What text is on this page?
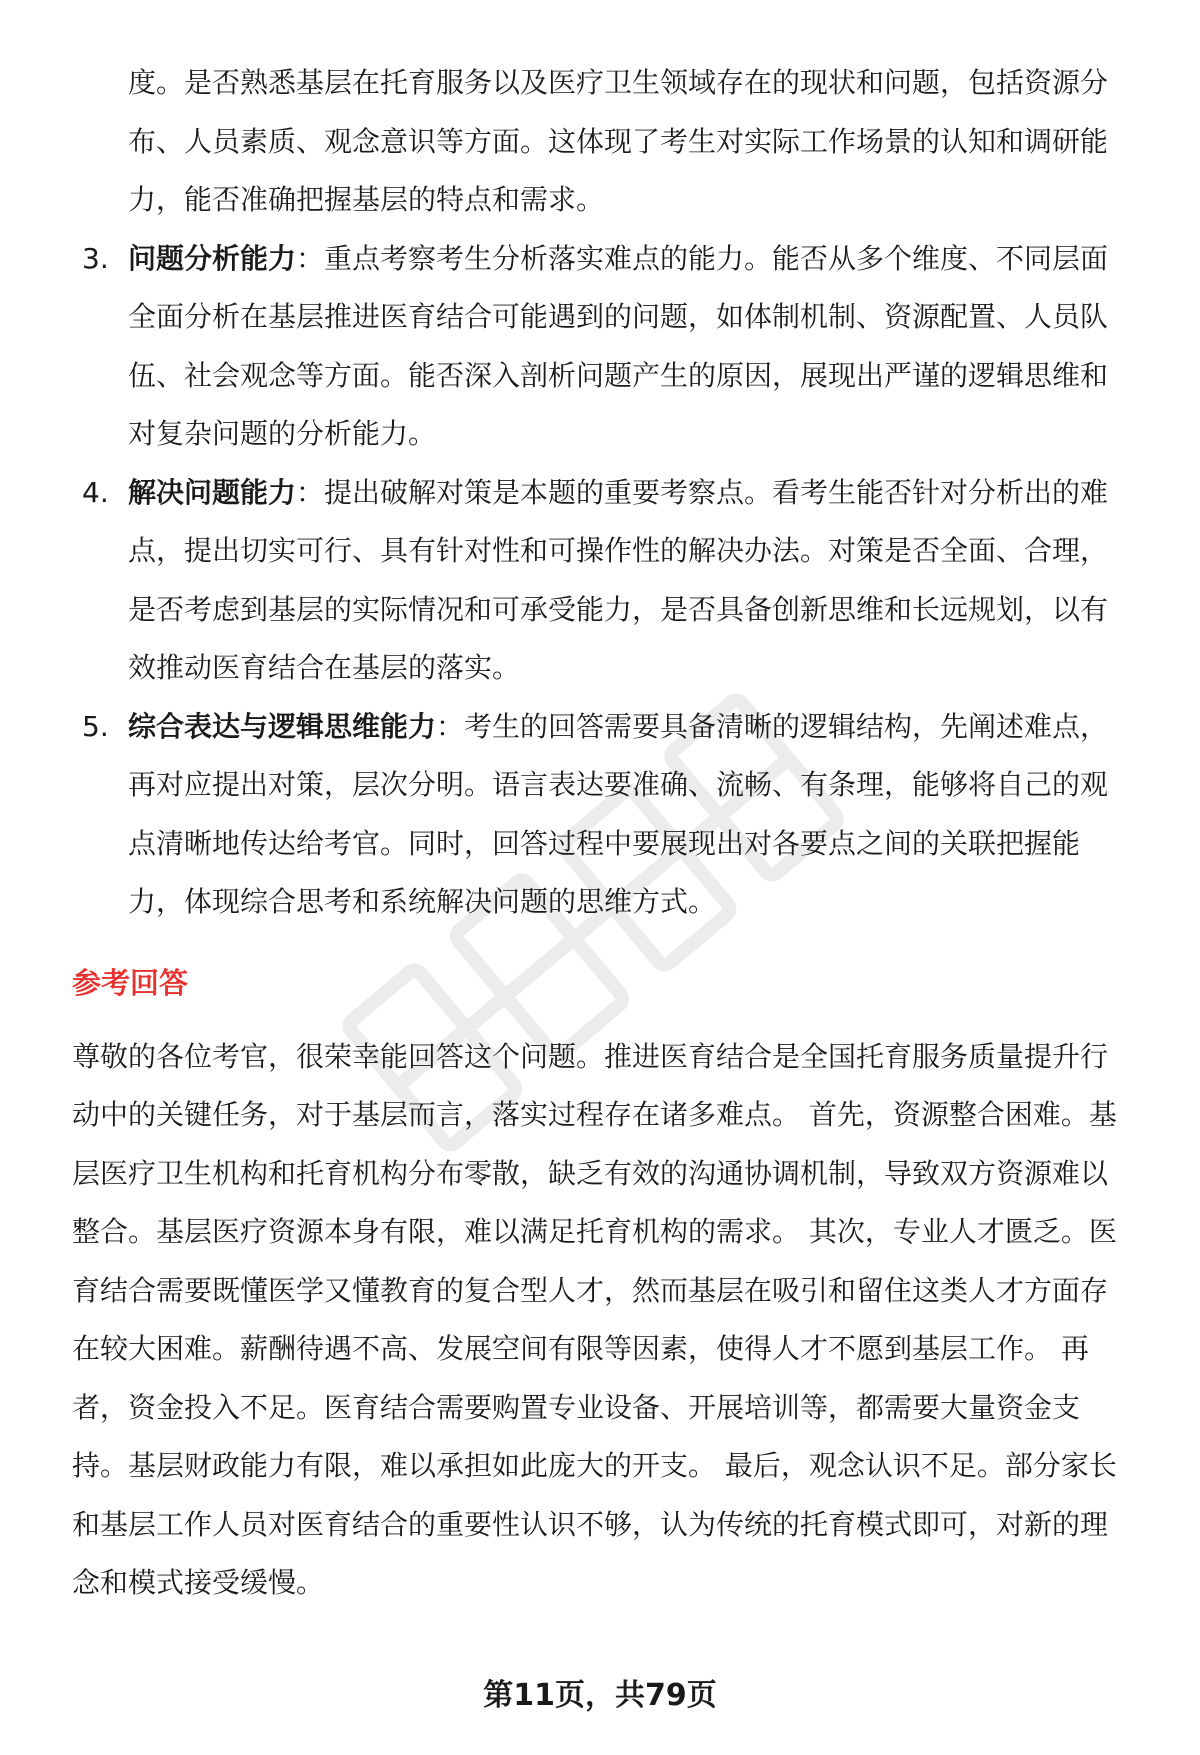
度。是否熟悉基层在托育服务以及医疗卫生领域存在的现状和问题，包括资源分布、人员素质、观念意识等方面。这体现了考生对实际工作场景的认知和调研能力，能否准确把握基层的特点和需求。
3. 问题分析能力：重点考察考生分析落实难点的能力。能否从多个维度、不同层面全面分析在基层推进医育结合可能遇到的问题，如体制机制、资源配置、人员队伍、社会观念等方面。能否深入剖析问题产生的原因，展现出严谨的逻辑思维和对复杂问题的分析能力。
4. 解决问题能力：提出破解对策是本题的重要考察点。看考生能否针对分析出的难点，提出切实可行、具有针对性和可操作性的解决办法。对策是否全面、合理，是否考虑到基层的实际情况和可承受能力，是否具备创新思维和长远规划，以有效推动医育结合在基层的落实。
5. 综合表达与逻辑思维能力：考生的回答需要具备清晰的逻辑结构，先阐述难点，再对应提出对策，层次分明。语言表达要准确、流畅、有条理，能够将自己的观点清晰地传达给考官。同时，回答过程中要展现出对各要点之间的关联把握能力，体现综合思考和系统解决问题的思维方式。
参考回答
尊敬的各位考官，很荣幸能回答这个问题。推进医育结合是全国托育服务质量提升行动中的关键任务，对于基层而言，落实过程存在诸多难点。 首先，资源整合困难。基层医疗卫生机构和托育机构分布零散，缺乏有效的沟通协调机制，导致双方资源难以整合。基层医疗资源本身有限，难以满足托育机构的需求。 其次，专业人才匮乏。医育结合需要既懂医学又懂教育的复合型人才，然而基层在吸引和留住这类人才方面存在较大困难。薪酬待遇不高、发展空间有限等因素，使得人才不愿到基层工作。 再者，资金投入不足。医育结合需要购置专业设备、开展培训等，都需要大量资金支持。基层财政能力有限，难以承担如此庞大的开支。 最后，观念认识不足。部分家长和基层工作人员对医育结合的重要性认识不够，认为传统的托育模式即可，对新的理念和模式接受缓慢。
第11页，共79页
